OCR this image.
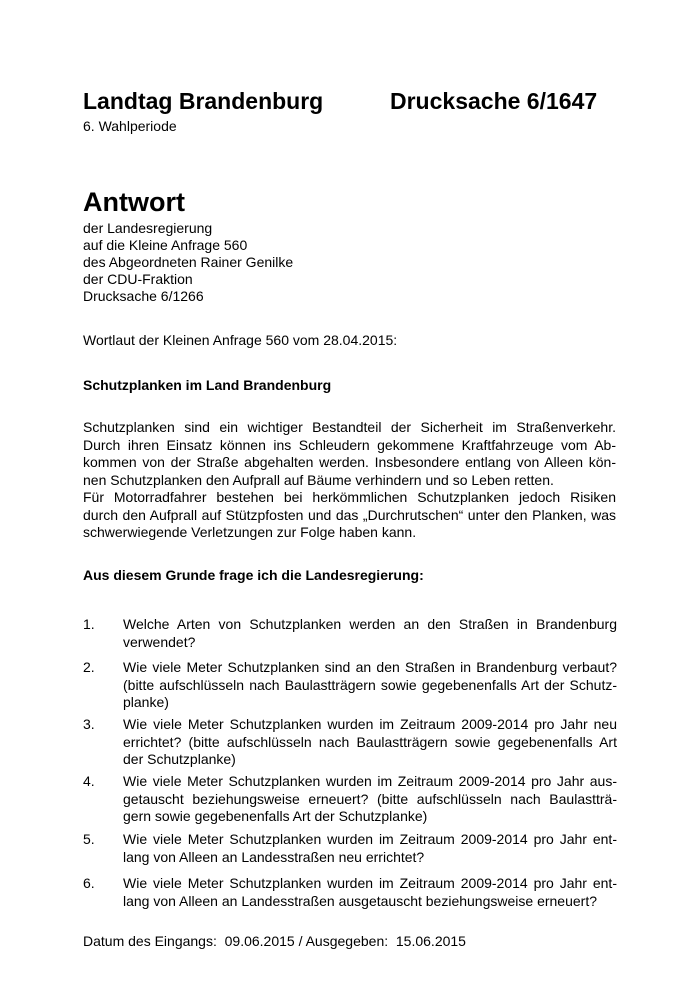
Landtag Brandenburg	Drucksache 6/1647
6. Wahlperiode
Antwort
der Landesregierung
auf die Kleine Anfrage 560
des Abgeordneten Rainer Genilke
der CDU-Fraktion
Drucksache 6/1266
Wortlaut der Kleinen Anfrage 560 vom 28.04.2015:
Schutzplanken im Land Brandenburg
Schutzplanken sind ein wichtiger Bestandteil der Sicherheit im Straßenverkehr.
Durch ihren Einsatz können ins Schleudern gekommene Kraftfahrzeuge vom Ab-
kommen von der Straße abgehalten werden. Insbesondere entlang von Alleen kön-
nen Schutzplanken den Aufprall auf Bäume verhindern und so Leben retten.
Für Motorradfahrer bestehen bei herkömmlichen Schutzplanken jedoch Risiken
durch den Aufprall auf Stützpfosten und das „Durchrutschen“ unter den Planken, was
schwerwiegende Verletzungen zur Folge haben kann.
Aus diesem Grunde frage ich die Landesregierung:
1. Welche Arten von Schutzplanken werden an den Straßen in Brandenburg
verwendet?
2. Wie viele Meter Schutzplanken sind an den Straßen in Brandenburg verbaut?
(bitte aufschlüsseln nach Baulastträgern sowie gegebenenfalls Art der Schutz-
planke)
3. Wie viele Meter Schutzplanken wurden im Zeitraum 2009-2014 pro Jahr neu
errichtet? (bitte aufschlüsseln nach Baulastträgern sowie gegebenenfalls Art
der Schutzplanke)
4. Wie viele Meter Schutzplanken wurden im Zeitraum 2009-2014 pro Jahr aus-
getauscht beziehungsweise erneuert? (bitte aufschlüsseln nach Baulastträ-
gern sowie gegebenenfalls Art der Schutzplanke)
5. Wie viele Meter Schutzplanken wurden im Zeitraum 2009-2014 pro Jahr ent-
lang von Alleen an Landesstraßen neu errichtet?
6. Wie viele Meter Schutzplanken wurden im Zeitraum 2009-2014 pro Jahr ent-
lang von Alleen an Landesstraßen ausgetauscht beziehungsweise erneuert?
Datum des Eingangs:  09.06.2015 / Ausgegeben:  15.06.2015
